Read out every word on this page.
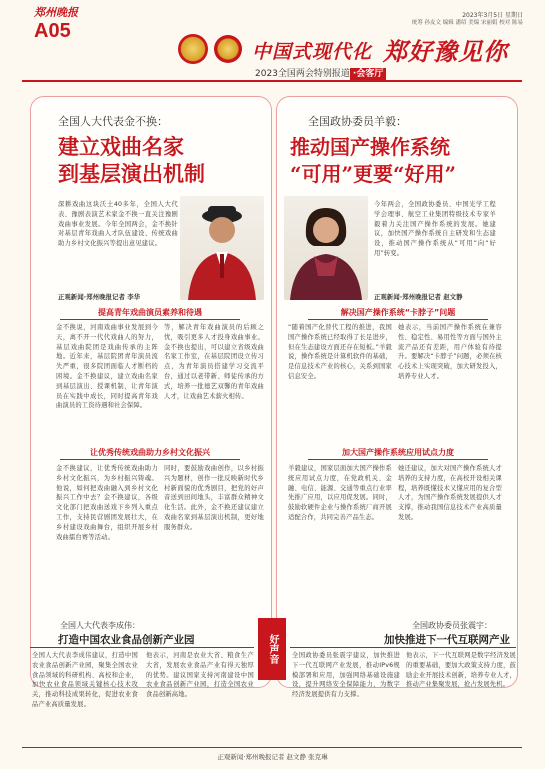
郑州晚报
A05
2023年3月5日 星期日
统筹 孙友文 编辑 潘绍 美编 宋丽娟 校对 陈易
中国式现代化 郑好豫见你
2023全国两会特别报道 ·会客厅
全国人大代表金不换：
建立戏曲名家
到基层演出机制
深耕戏曲这块沃土40多年，全国人大代表、豫剧表演艺术家金不换一直关注豫剧戏曲事业发展。今年全国两会，金不换针对基层青年戏曲人才队伍建设、传统戏曲助力乡村文化振兴等提出意见建议。
正观新闻·郑州晚报记者 李华
提高青年戏曲演员素养和待遇
金不换说，河南戏曲事业发展到今天，离不开一代代戏曲人的努力，基层戏曲院团是戏曲传承的主阵地。近年来，基层院团青年演员流失严重，很多院团面临人才断档的困境。金不换建议，建立戏曲名家到基层演出、授课机制，让青年演员在实践中成长，同时提高青年戏曲演员的工资待遇和社会保障。
等，解决青年戏曲演员的后顾之忧，吸引更多人才投身戏曲事业。金不换也提出，可以建立省级戏曲名家工作室，在基层院团设立传习点，为青年演员搭建学习交流平台，通过以老带新、师徒传承的方式，培养一批德艺双馨的青年戏曲人才，让戏曲艺术薪火相传。
让优秀传统戏曲助力乡村文化振兴
金不换建议，让优秀传统戏曲助力乡村文化振兴，为乡村振兴铸魂。他说，如何把戏曲融入到乡村文化振兴工作中去？金不换建议，各级文化部门把戏曲送戏下乡列入重点工作，支持民营剧团发展壮大，在乡村建设戏曲舞台，组织开展乡村戏曲擂台赛等活动。
同时，要鼓励戏曲创作，以乡村振兴为题材，创作一批反映新时代乡村新面貌的优秀剧目，把党的好声音送到田间地头，丰富群众精神文化生活。此外，金不换还建议建立戏曲名家到基层演出机制，更好地服务群众。
全国政协委员羊毅：
推动国产操作系统
“可用”更要“好用”
今年两会，全国政协委员、中国光学工程学会理事、航空工业集团特级技术专家羊毅着力关注国产操作系统的发展。她建议，加快国产操作系统自主研发和生态建设，推动国产操作系统从“可用”向“好用”转变。
正观新闻·郑州晚报记者 赵文静
解决国产操作系统“卡脖子”问题
“随着国产化替代工程的推进，我国国产操作系统已经取得了长足进步，但在生态建设方面还存在短板。”羊毅说，操作系统是计算机软件的基础，是信息技术产业的核心，关系到国家信息安全。
她表示，当前国产操作系统在兼容性、稳定性、易用性等方面与国外主流产品还有差距，用户体验有待提升。要解决“卡脖子”问题，必须在核心技术上实现突破，加大研发投入，培养专业人才。
加大国产操作系统应用试点力度
羊毅建议，国家层面加大国产操作系统应用试点力度，在党政机关、金融、电信、能源、交通等重点行业率先推广应用，以应用促发展。同时，鼓励软硬件企业与操作系统厂商开展适配合作，共同完善产品生态。
她还建议，加大对国产操作系统人才培养的支持力度，在高校开设相关课程，培养既懂技术又懂应用的复合型人才，为国产操作系统发展提供人才支撑，推动我国信息技术产业高质量发展。
全国人大代表李成伟：
打造中国农业食品创新产业园
全国人大代表李成伟建议，打造中国农业食品创新产业园，聚集全国农业食品领域的科研机构、高校和企业，加快农业食品领域关键核心技术攻关，推动科技成果转化，促进农业食品产业高质量发展。
他表示，河南是农业大省、粮食生产大省，发展农业食品产业有得天独厚的优势。建议国家支持河南建设中国农业食品创新产业园，打造全国农业食品创新高地。
好声音
全国政协委员张震宇：
加快推进下一代互联网产业
全国政协委员张震宇建议，加快推进下一代互联网产业发展，推动IPv6规模部署和应用，加强网络基础设施建设，提升网络安全保障能力，为数字经济发展提供有力支撑。
他表示，下一代互联网是数字经济发展的重要基础，要加大政策支持力度，鼓励企业开展技术创新，培养专业人才，推动产业集聚发展，抢占发展先机。
正观新闻·郑州晚报记者 赵文静 张克琳
